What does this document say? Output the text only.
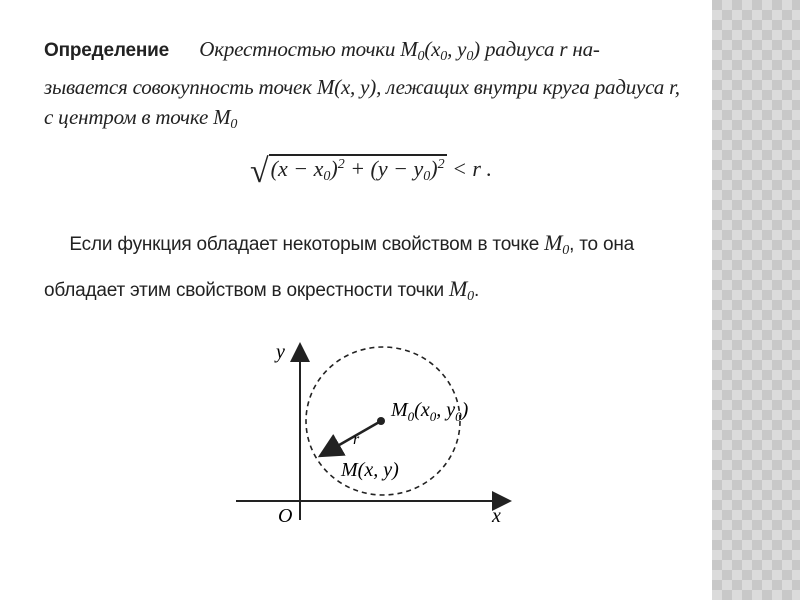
Определение Окрестностью точки $M_0(x_0$, $y_0$) радиуса r на-
зывается совокупность точек M(x, y), лежащих внутри круга радиуса r,
с центром в точке $M_0$
$√(x - x_0)^2 + (y - y_0)^2 < r$ .
Если функция обладает некоторым свойством в точке $M_0$, то она
обладает этим свойством в окрестности точки $M_0$.
y
x
O
r
M(x, y)
$M_0(x_0$, $y_0$)
